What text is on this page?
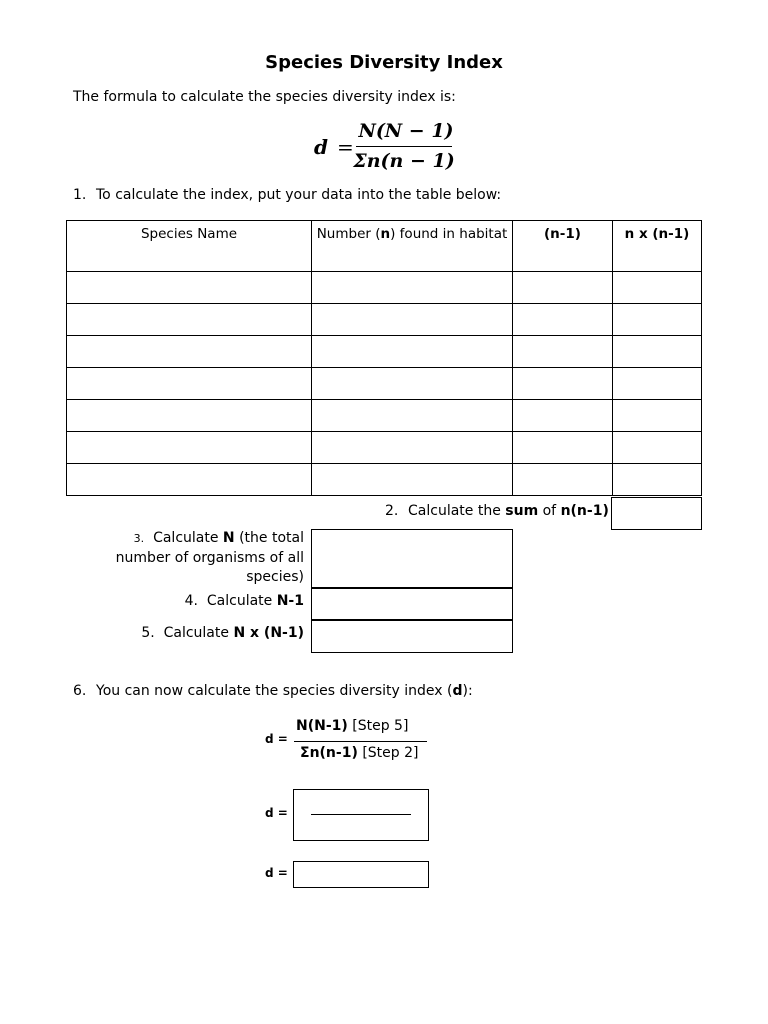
Species Diversity Index
The formula to calculate the species diversity index is:
d =
N(N − 1)
Σn(n − 1)
1. To calculate the index, put your data into the table below:
Species Name	Number (n) found in habitat	(n-1)	n x (n-1)

2. Calculate the sum of n(n-1)
3. Calculate N (the total number of organisms of all species)
4. Calculate N-1
5. Calculate N x (N-1)
6. You can now calculate the species diversity index (d):
d =
N(N-1) [Step 5]
Σn(n-1) [Step 2]
d =
d =
